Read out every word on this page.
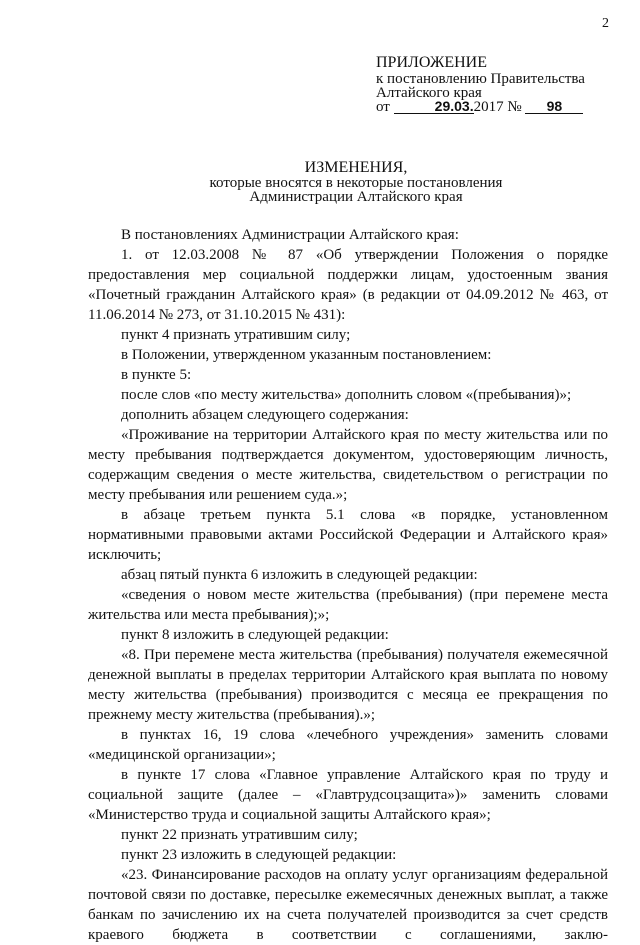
2
ПРИЛОЖЕНИЕ
к постановлению Правительства
Алтайского края
от	29.03.2017 № 98
ИЗМЕНЕНИЯ,
которые вносятся в некоторые постановления
Администрации Алтайского края

В постановлениях Администрации Алтайского края:

1. от 12.03.2008 № 87 «Об утверждении Положения о порядке предоставления мер социальной поддержки лицам, удостоенным звания «Почетный гражданин Алтайского края» (в редакции от 04.09.2012 № 463, от 11.06.2014 № 273, от 31.10.2015 № 431):

пункт 4 признать утратившим силу;

в Положении, утвержденном указанным постановлением:

в пункте 5:

после слов «по месту жительства» дополнить словом «(пребывания)»;

дополнить абзацем следующего содержания:

«Проживание на территории Алтайского края по месту жительства или по месту пребывания подтверждается документом, удостоверяющим личность, содержащим сведения о месте жительства, свидетельством о регистрации по месту пребывания или решением суда.»;

в абзаце третьем пункта 5.1 слова «в порядке, установленном нормативными правовыми актами Российской Федерации и Алтайского края» исключить;

абзац пятый пункта 6 изложить в следующей редакции:

«сведения о новом месте жительства (пребывания) (при перемене места жительства или места пребывания);»;

пункт 8 изложить в следующей редакции:

«8. При перемене места жительства (пребывания) получателя ежемесячной денежной выплаты в пределах территории Алтайского края выплата по новому месту жительства (пребывания) производится с месяца ее прекращения по прежнему месту жительства (пребывания).»;

в пунктах 16, 19 слова «лечебного учреждения» заменить словами «медицинской организации»;

в пункте 17 слова «Главное управление Алтайского края по труду и социальной защите (далее – «Главтрудсоцзащита»)» заменить словами «Министерство труда и социальной защиты Алтайского края»;

пункт 22 признать утратившим силу;

пункт 23 изложить в следующей редакции:

«23. Финансирование расходов на оплату услуг организациям федеральной почтовой связи по доставке, пересылке ежемесячных денежных выплат, а также банкам по зачислению их на счета получателей производится за счет средств краевого бюджета в соответствии с соглашениями, заклю-
